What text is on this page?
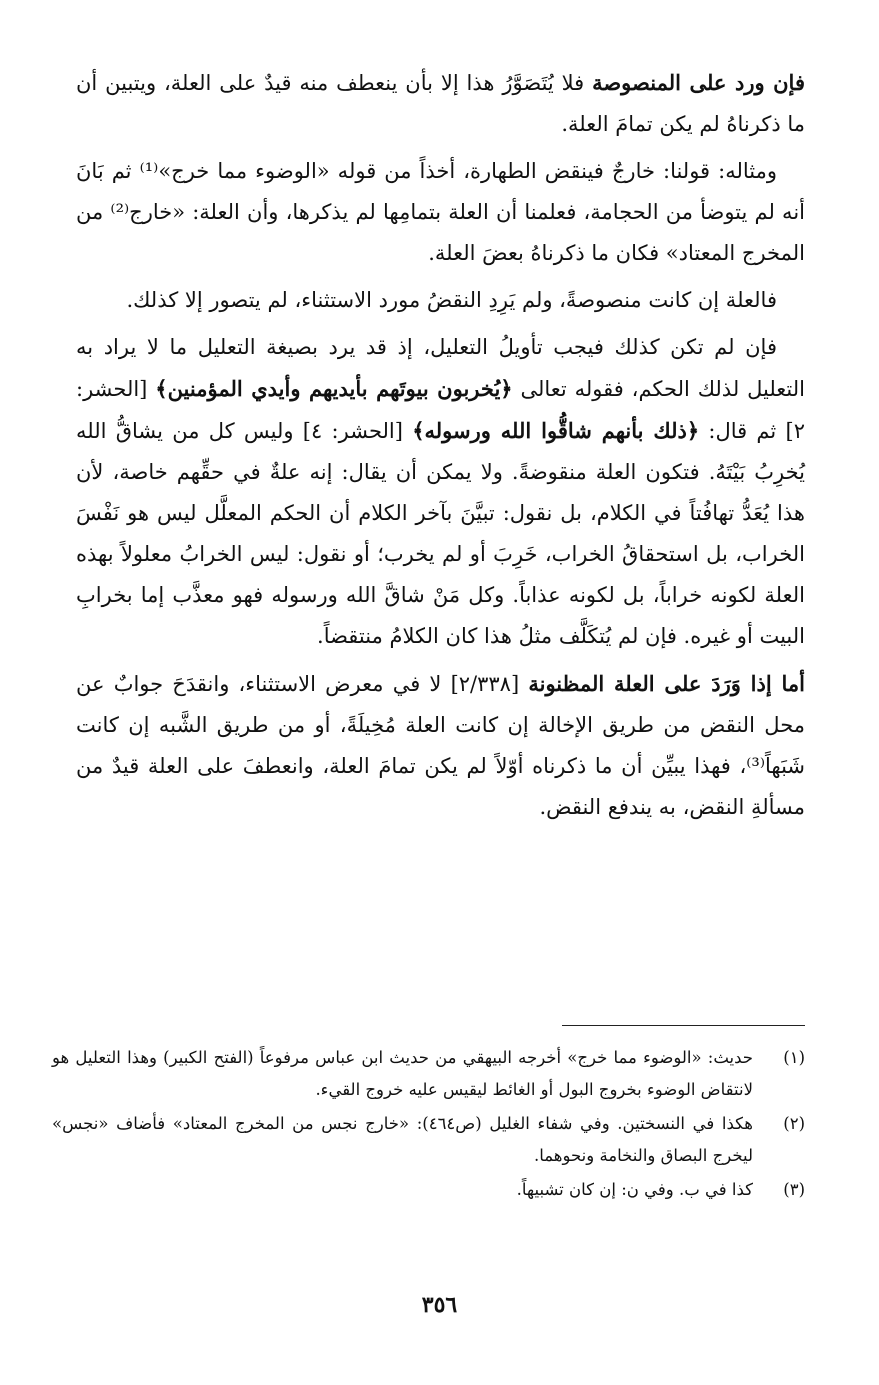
فإن ورد على المنصوصة فلا يُتَصَوَّرُ هذا إلا بأن ينعطف منه قيدٌ على العلة، ويتبين أن ما ذكرناهُ لم يكن تمامَ العلة.

ومثاله: قولنا: خارجٌ فينقض الطهارة، أخذاً من قوله «الوضوء مما خرج»⁽¹⁾ ثم بَانَ أنه لم يتوضأ من الحجامة، فعلمنا أن العلة بتمامِها لم يذكرها، وأن العلة: «خارج⁽²⁾ من المخرج المعتاد» فكان ما ذكرناهُ بعضَ العلة.

فالعلة إن كانت منصوصةً، ولم يَرِدِ النقضُ مورد الاستثناء، لم يتصور إلا كذلك.

فإن لم تكن كذلك فيجب تأويلُ التعليل، إذ قد يرد بصيغة التعليل ما لا يراد به التعليل لذلك الحكم، فقوله تعالى ﴿يُخربون بيوتَهم بأيديهم وأيدي المؤمنين﴾ [الحشر: ٢] ثم قال: ﴿ذلك بأنهم شاقُّوا الله ورسوله﴾ [الحشر: ٤] وليس كل من يشاقُّ الله يُخرِبُ بَيْتَهُ. فتكون العلة منقوضةً. ولا يمكن أن يقال: إنه علةٌ في حقِّهم خاصة، لأن هذا يُعَدُّ تهافُتاً في الكلام، بل نقول: تبيَّنَ بآخر الكلام أن الحكم المعلَّل ليس هو نَفْسَ الخراب، بل استحقاقُ الخراب، خَرِبَ أو لم يخرب؛ أو نقول: ليس الخرابُ معلولاً بهذه العلة لكونه خراباً، بل لكونه عذاباً. وكل مَنْ شاقَّ الله ورسوله فهو معذَّب إما بخرابِ البيت أو غيره. فإن لم يُتكَلَّف مثلُ هذا كان الكلامُ منتقضاً.

أما إذا وَرَدَ على العلة المظنونة [٢/٣٣٨] لا في معرض الاستثناء، وانقدَحَ جوابٌ عن محل النقض من طريق الإخالة إن كانت العلة مُخِيلَةً، أو من طريق الشَّبه إن كانت شَبَهاً⁽³⁾، فهذا يبيِّن أن ما ذكرناه أوّلاً لم يكن تمامَ العلة، وانعطفَ على العلة قيدٌ من مسألةِ النقض، به يندفع النقض.

(١)
حديث: «الوضوء مما خرج» أخرجه البيهقي من حديث ابن عباس مرفوعاً (الفتح الكبير) وهذا التعليل هو لانتقاض الوضوء بخروج البول أو الغائط ليقيس عليه خروج القيء.
(٢)
هكذا في النسختين. وفي شفاء الغليل (ص٤٦٤): «خارج نجس من المخرج المعتاد» فأضاف «نجس» ليخرج البصاق والنخامة ونحوهما.
(٣)
كذا في ب. وفي ن: إن كان تشبيهاً.
٣٥٦
